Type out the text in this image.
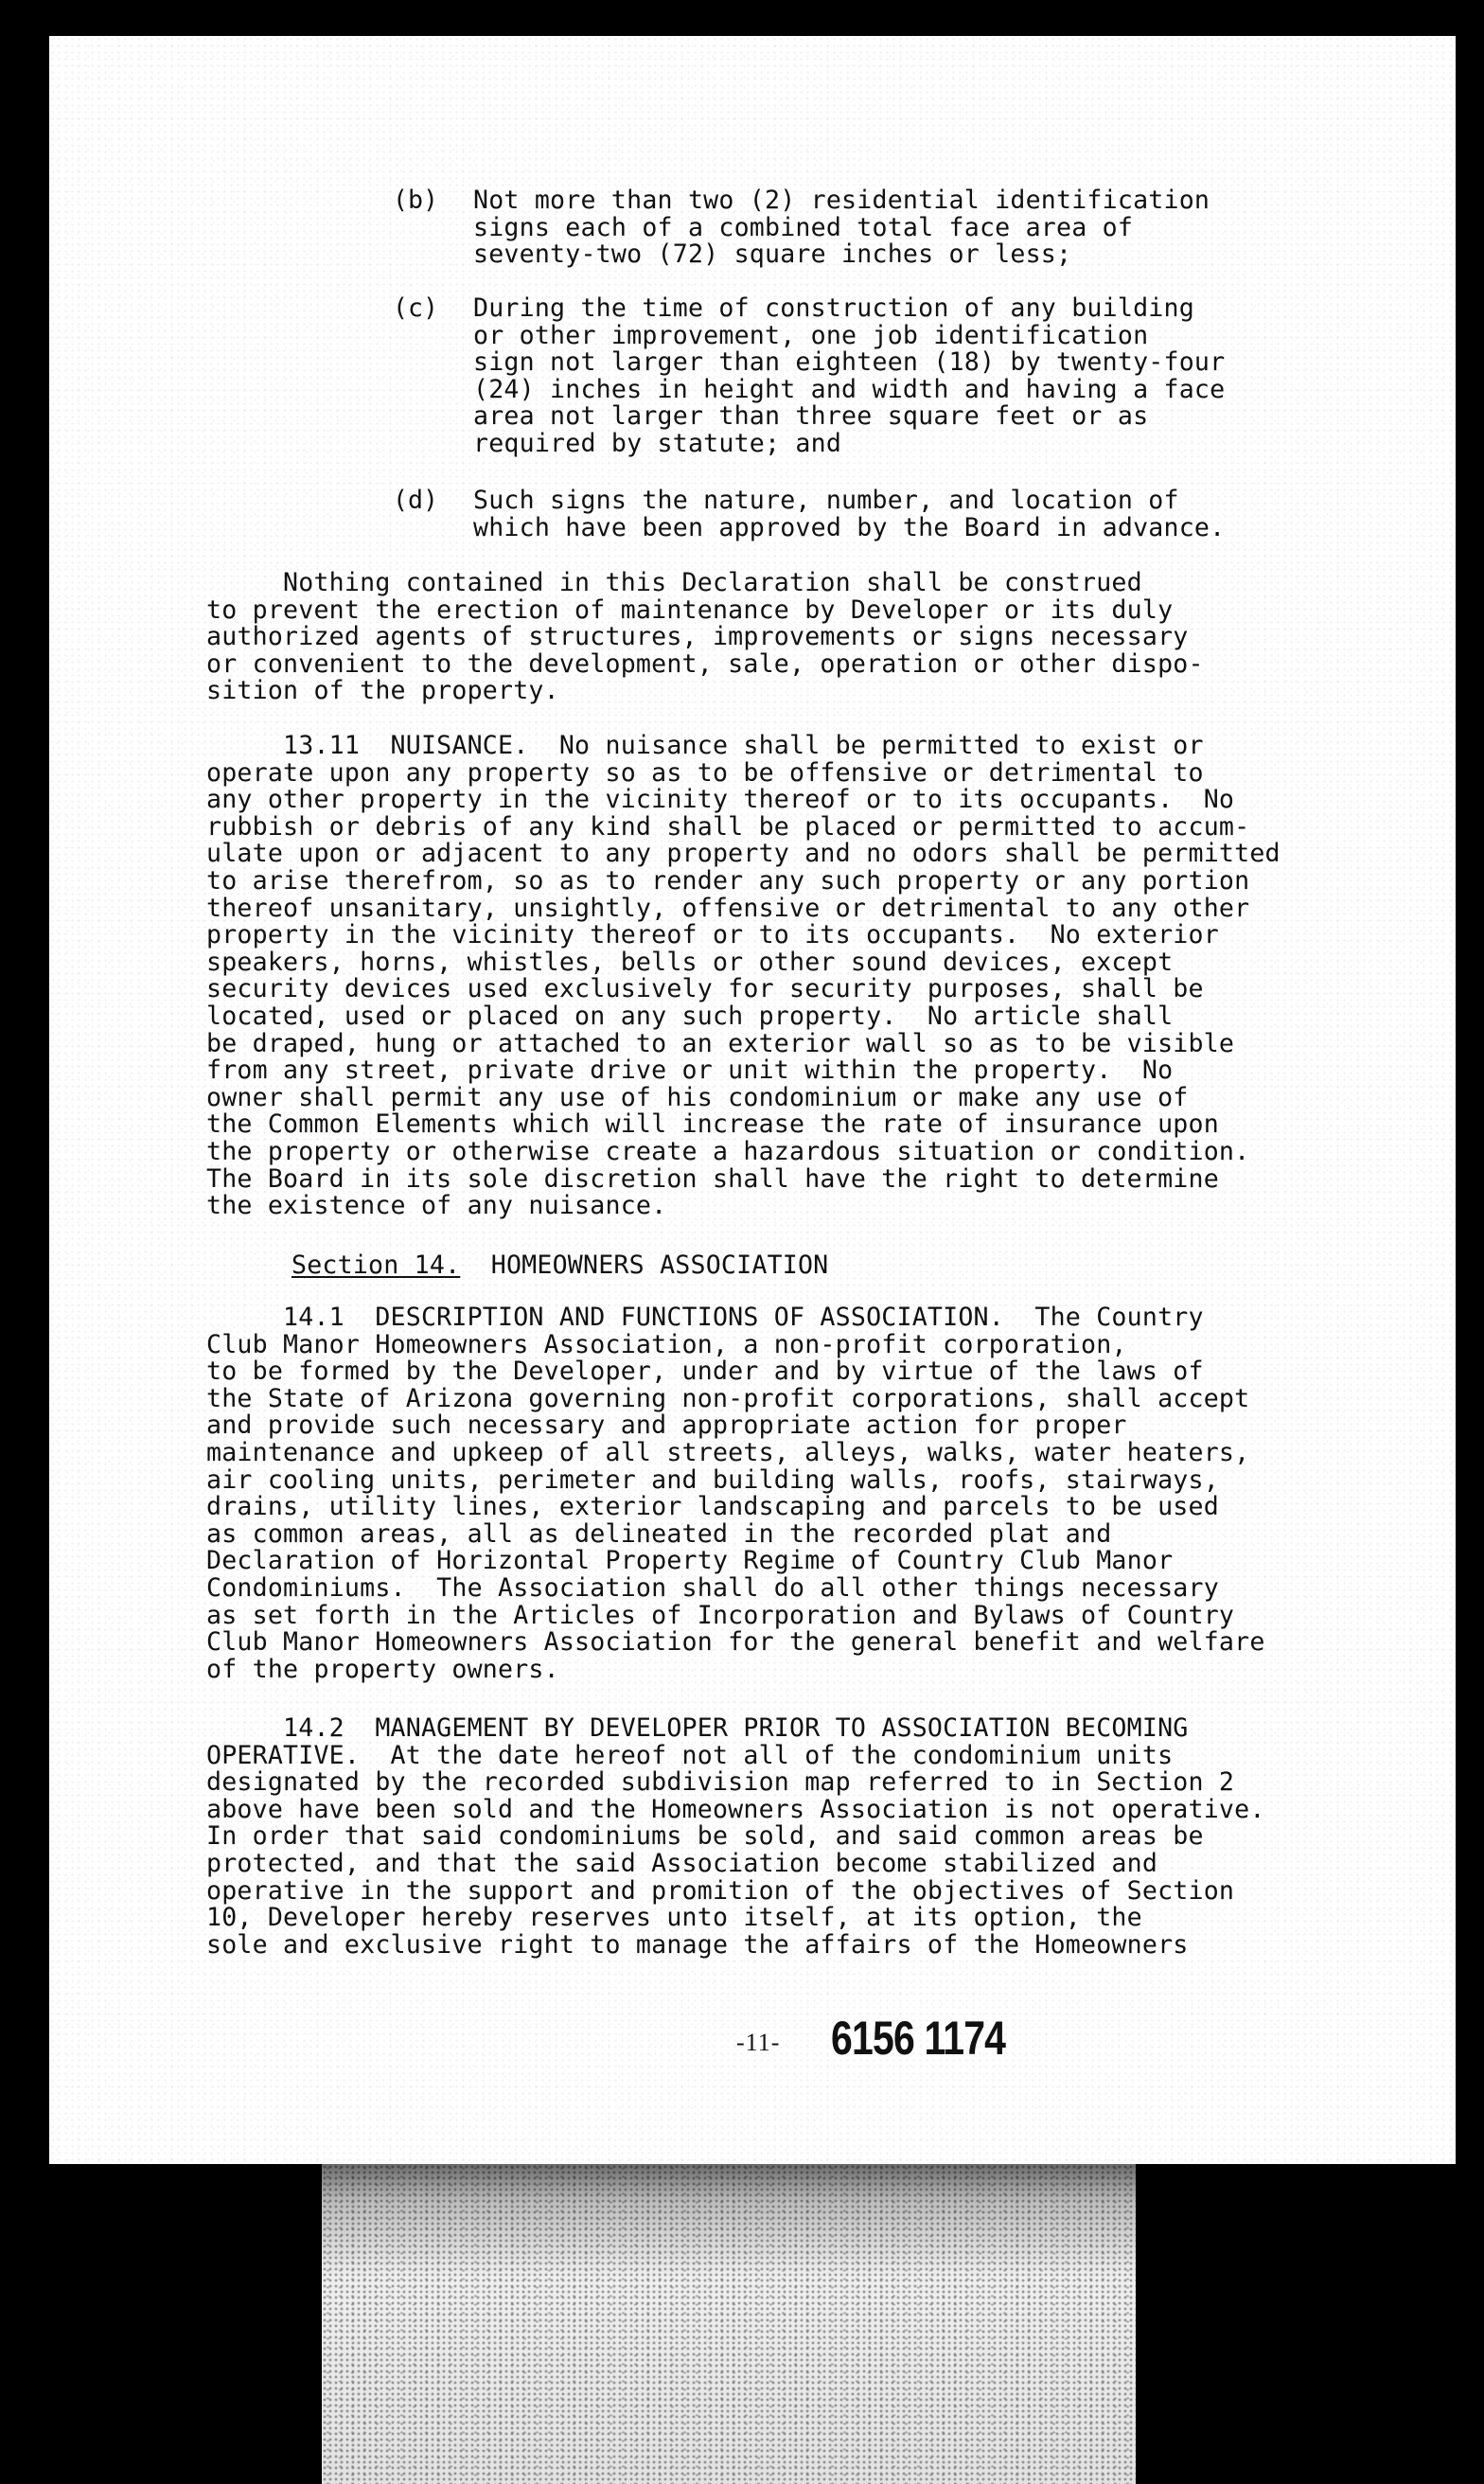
(b) Not more than two (2) residential identification
signs each of a combined total face area of
seventy-two (72) square inches or less;

(c) During the time of construction of any building
or other improvement, one job identification
sign not larger than eighteen (18) by twenty-four
(24) inches in height and width and having a face
area not larger than three square feet or as
required by statute; and

(d) Such signs the nature, number, and location of
which have been approved by the Board in advance.

Nothing contained in this Declaration shall be construed
to prevent the erection of maintenance by Developer or its duly
authorized agents of structures, improvements or signs necessary
or convenient to the development, sale, operation or other dispo-
sition of the property.

13.11  NUISANCE.  No nuisance shall be permitted to exist or
operate upon any property so as to be offensive or detrimental to
any other property in the vicinity thereof or to its occupants.  No
rubbish or debris of any kind shall be placed or permitted to accum-
ulate upon or adjacent to any property and no odors shall be permitted
to arise therefrom, so as to render any such property or any portion
thereof unsanitary, unsightly, offensive or detrimental to any other
property in the vicinity thereof or to its occupants.  No exterior
speakers, horns, whistles, bells or other sound devices, except
security devices used exclusively for security purposes, shall be
located, used or placed on any such property.  No article shall
be draped, hung or attached to an exterior wall so as to be visible
from any street, private drive or unit within the property.  No
owner shall permit any use of his condominium or make any use of
the Common Elements which will increase the rate of insurance upon
the property or otherwise create a hazardous situation or condition.
The Board in its sole discretion shall have the right to determine
the existence of any nuisance.

Section 14.  HOMEOWNERS ASSOCIATION

14.1  DESCRIPTION AND FUNCTIONS OF ASSOCIATION.  The Country
Club Manor Homeowners Association, a non-profit corporation,
to be formed by the Developer, under and by virtue of the laws of
the State of Arizona governing non-profit corporations, shall accept
and provide such necessary and appropriate action for proper
maintenance and upkeep of all streets, alleys, walks, water heaters,
air cooling units, perimeter and building walls, roofs, stairways,
drains, utility lines, exterior landscaping and parcels to be used
as common areas, all as delineated in the recorded plat and
Declaration of Horizontal Property Regime of Country Club Manor
Condominiums.  The Association shall do all other things necessary
as set forth in the Articles of Incorporation and Bylaws of Country
Club Manor Homeowners Association for the general benefit and welfare
of the property owners.

14.2  MANAGEMENT BY DEVELOPER PRIOR TO ASSOCIATION BECOMING
OPERATIVE.  At the date hereof not all of the condominium units
designated by the recorded subdivision map referred to in Section 2
above have been sold and the Homeowners Association is not operative.
In order that said condominiums be sold, and said common areas be
protected, and that the said Association become stabilized and
operative in the support and promition of the objectives of Section
10, Developer hereby reserves unto itself, at its option, the
sole and exclusive right to manage the affairs of the Homeowners

-11- 6156 1174
